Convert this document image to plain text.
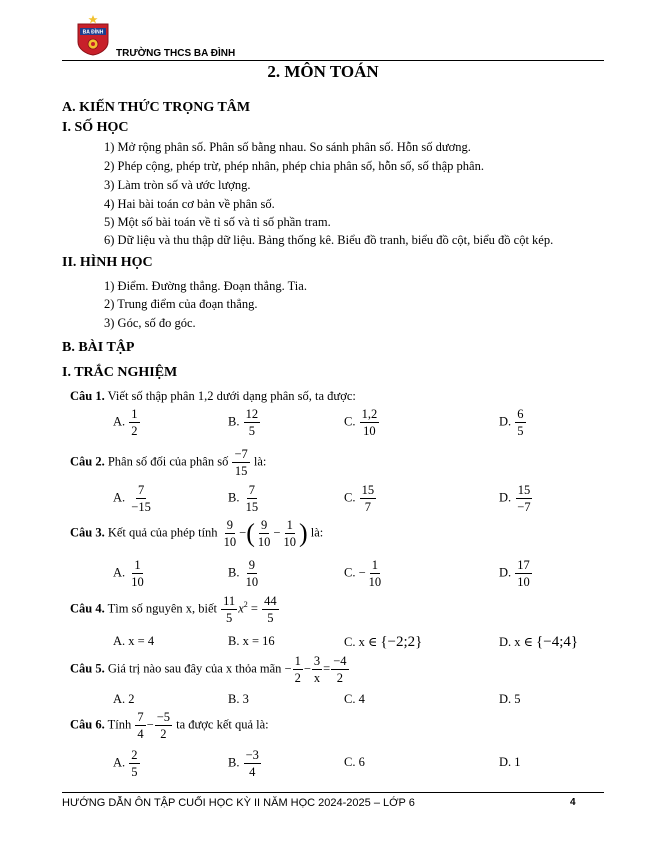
BA ĐÌNH
TRƯỜNG THCS BA ĐÌNH
2. MÔN TOÁN
A. KIẾN THỨC TRỌNG TÂM
I. SỐ HỌC
1) Mở rộng phân số. Phân số bằng nhau. So sánh phân số. Hỗn số dương.
2) Phép cộng, phép trừ, phép nhân, phép chia phân số, hỗn số, số thập phân.
3) Làm tròn số và ước lượng.
4) Hai bài toán cơ bản về phân số.
5) Một số bài toán về tỉ số và tỉ số phần tram.
6) Dữ liệu và thu thập dữ liệu. Bảng thống kê. Biểu đồ tranh, biểu đồ cột, biểu đồ cột kép.
II. HÌNH HỌC
1) Điểm. Đường thẳng. Đoạn thẳng. Tia.
2) Trung điểm của đoạn thẳng.
3) Góc, số đo góc.
B. BÀI TẬP
I. TRẮC NGHIỆM
Câu 1. Viết số thập phân 1,2 dưới dạng phân số, ta được:
A. $\frac{1}{2}$	B. $\frac{12}{5}$	C. $\frac{1,2}{10}$	D. $\frac{6}{5}$
Câu 2. Phân số đối của phân số $\frac{-7}{15}$ là:
A. $\frac{7}{-15}$	B. $\frac{7}{15}$	C. $\frac{15}{7}$	D. $\frac{15}{-7}$
Câu 3. Kết quả của phép tính $\frac{9}{10}$ −( $\frac{9}{10} - \frac{1}{10}$ ) là:
A. $\frac{1}{10}$	B. $\frac{9}{10}$	C. − $\frac{1}{10}$	D. $\frac{17}{10}$
Câu 4. Tìm số nguyên x, biết $\frac{11}{5} x^2 = \frac{44}{5}$
A. x = 4	B. x = 16	C. x ∈ {−2;2}	D. x ∈ {−4;4}
Câu 5. Giá trị nào sau đây của x thỏa mãn − $\frac{1}{2} - \frac{3}{x} = \frac{-4}{2}$
A. 2	B. 3	C. 4	D. 5
Câu 6. Tính $\frac{7}{4} - \frac{-5}{2}$ ta được kết quả là:
A. $\frac{2}{5}$	B. $\frac{-3}{4}$	C. 6	D. 1
HƯỚNG DẪN ÔN TẬP CUỐI HỌC KỲ II NĂM HỌC 2024-2025 – LỚP 6	4
